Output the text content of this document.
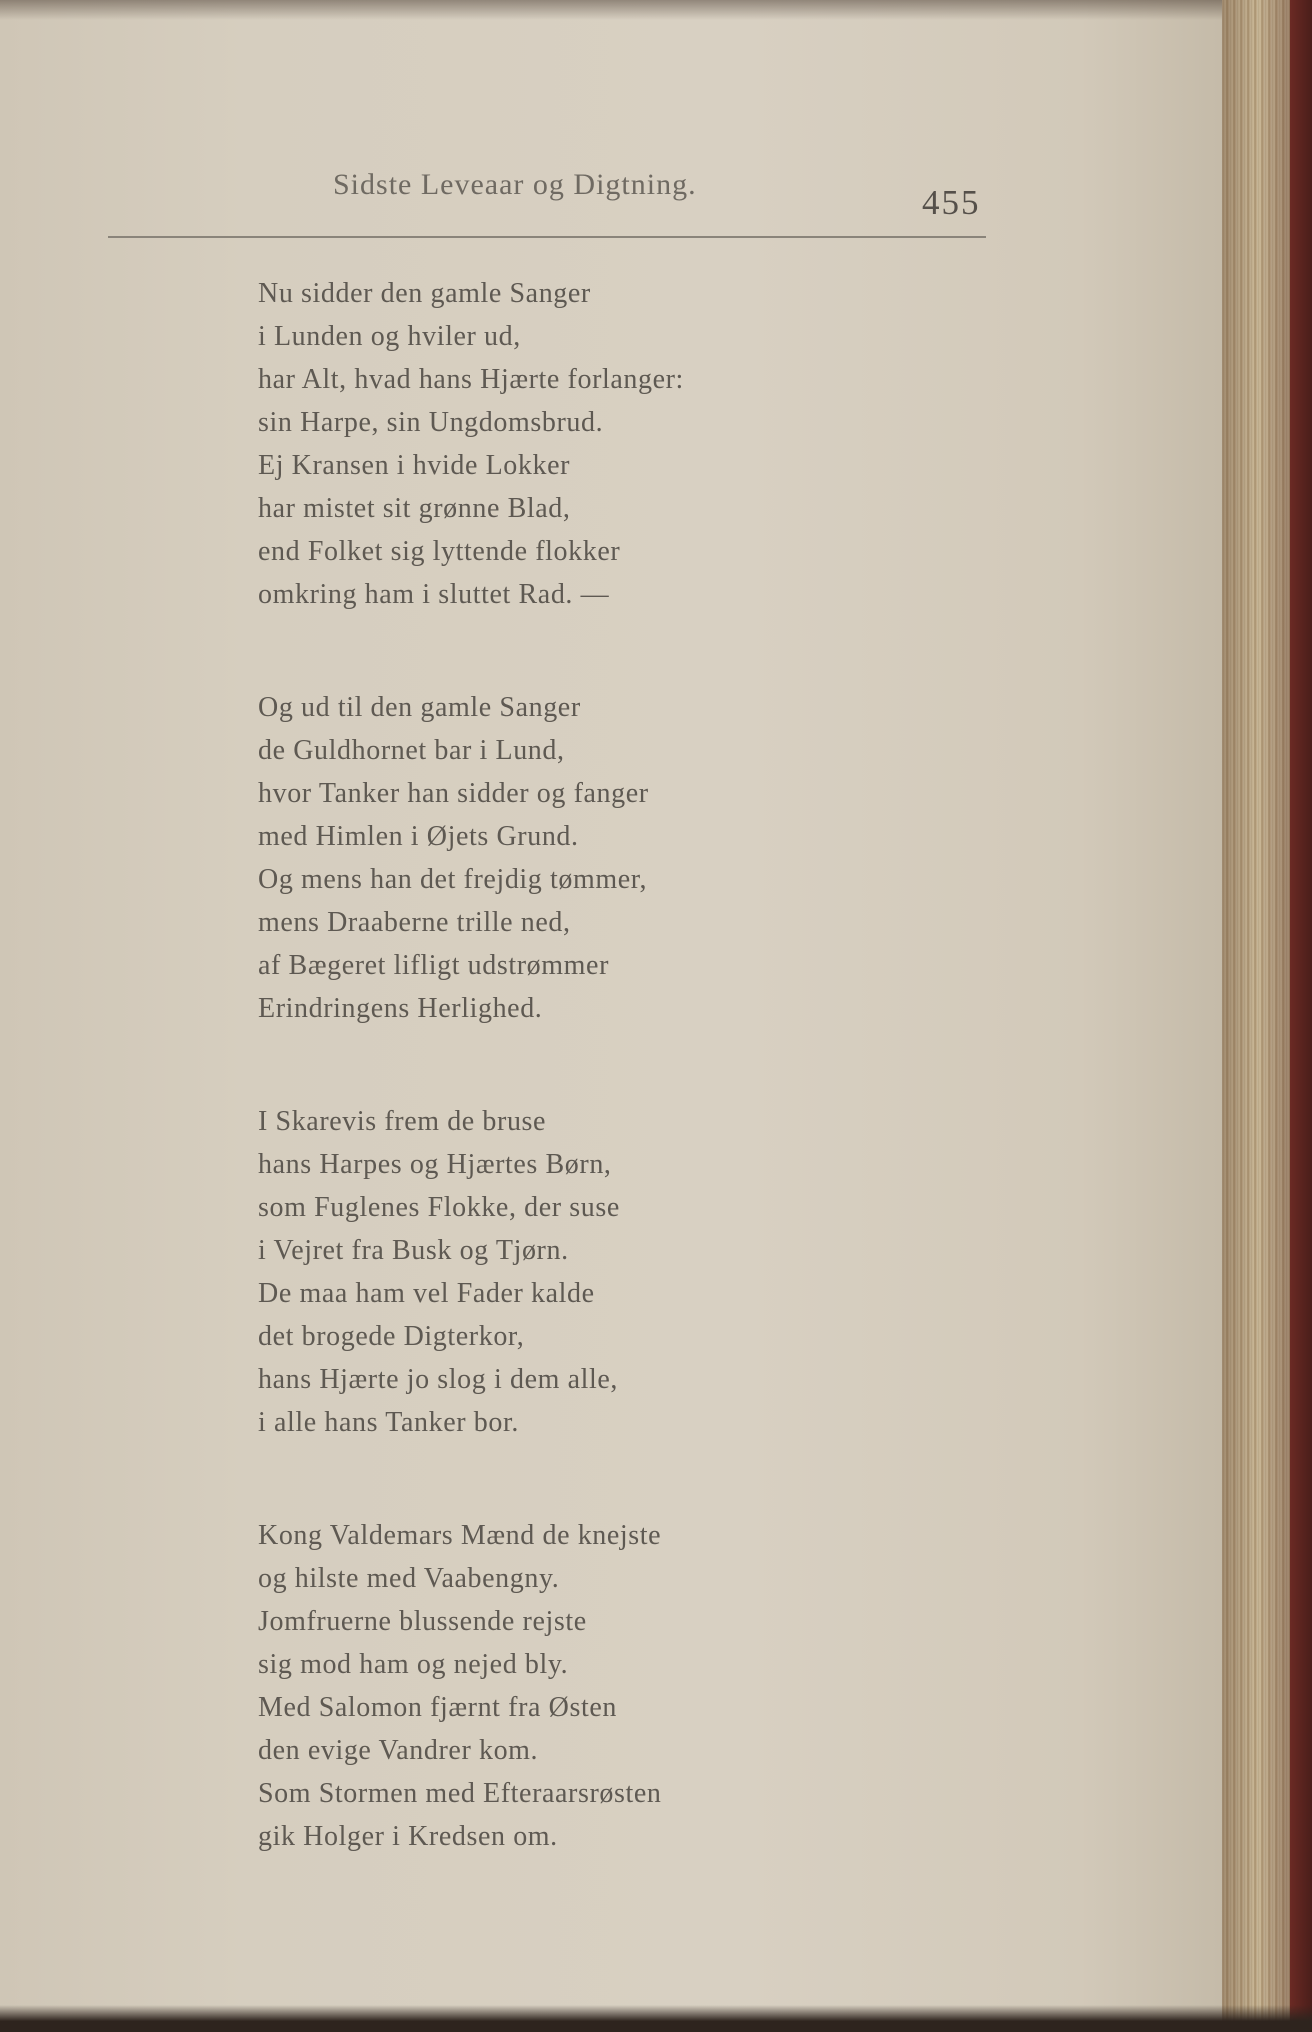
Sidste Leveaar og Digtning.	455
Nu sidder den gamle Sanger
i Lunden og hviler ud,
har Alt, hvad hans Hjærte forlanger:
sin Harpe, sin Ungdomsbrud.
Ej Kransen i hvide Lokker
har mistet sit grønne Blad,
end Folket sig lyttende flokker
omkring ham i sluttet Rad. —
Og ud til den gamle Sanger
de Guldhornet bar i Lund,
hvor Tanker han sidder og fanger
med Himlen i Øjets Grund.
Og mens han det frejdig tømmer,
mens Draaberne trille ned,
af Bægeret lifligt udstrømmer
Erindringens Herlighed.
I Skarevis frem de bruse
hans Harpes og Hjærtes Børn,
som Fuglenes Flokke, der suse
i Vejret fra Busk og Tjørn.
De maa ham vel Fader kalde
det brogede Digterkor,
hans Hjærte jo slog i dem alle,
i alle hans Tanker bor.
Kong Valdemars Mænd de knejste
og hilste med Vaabengny.
Jomfruerne blussende rejste
sig mod ham og nejed bly.
Med Salomon fjærnt fra Østen
den evige Vandrer kom.
Som Stormen med Efteraarsrøsten
gik Holger i Kredsen om.
